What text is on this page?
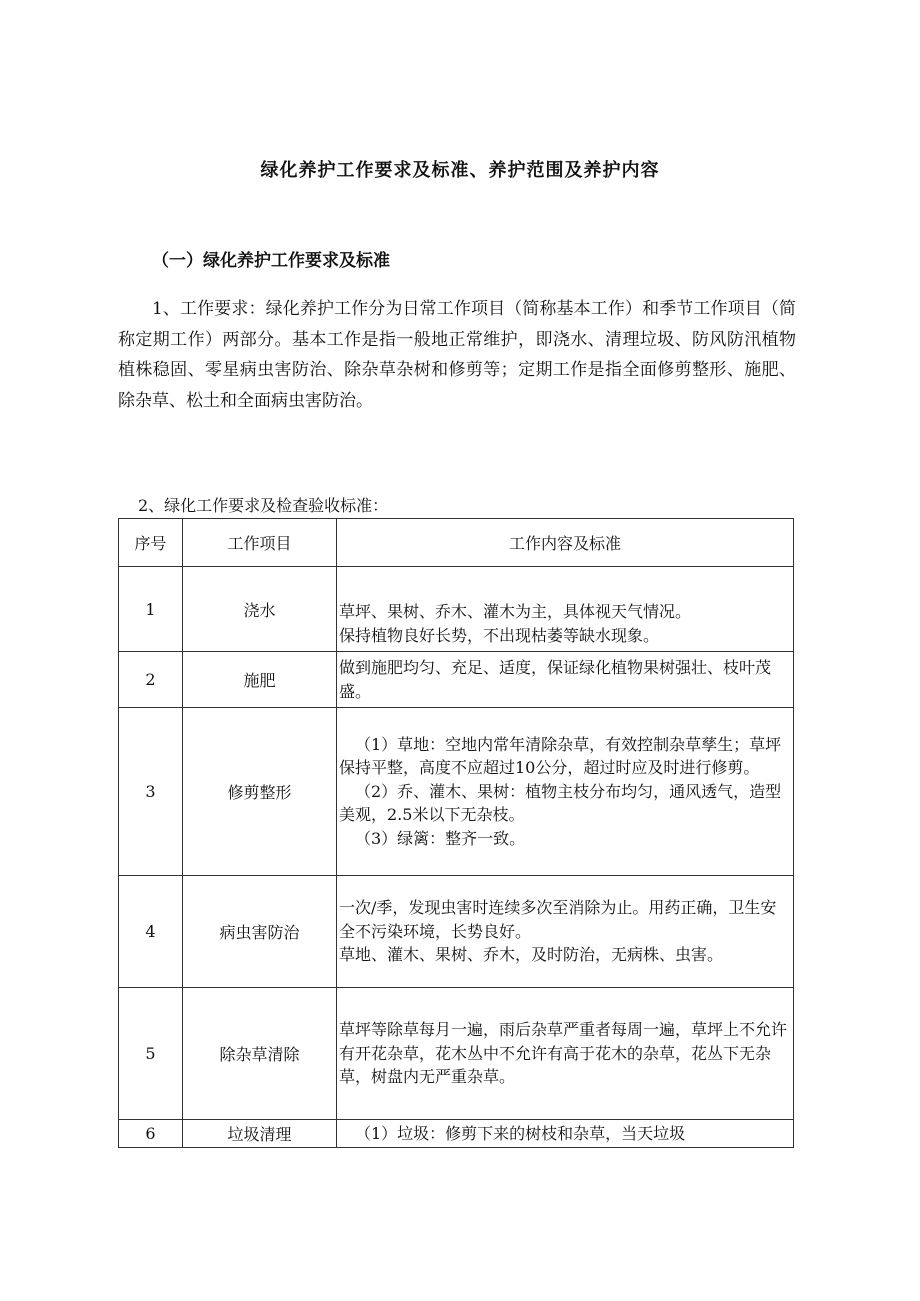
绿化养护工作要求及标准、养护范围及养护内容
（一）绿化养护工作要求及标准

1、工作要求：绿化养护工作分为日常工作项目（简称基本工作）和季节工作项目（简称定期工作）两部分。基本工作是指一般地正常维护，即浇水、清理垃圾、防风防汛植物植株稳固、零星病虫害防治、除杂草杂树和修剪等；定期工作是指全面修剪整形、施肥、除杂草、松土和全面病虫害防治。

2、绿化工作要求及检查验收标准：

序号	工作项目	工作内容及标准
1	浇水	草坪、果树、乔木、灌木为主，具体视天气情况。

保持植物良好长势，不出现枯萎等缺水现象。

2	施肥	做到施肥均匀、充足、适度，保证绿化植物果树强壮、枝叶茂盛。

3	修剪整形	（1）草地：空地内常年清除杂草，有效控制杂草孳生；草坪保持平整，高度不应超过10公分，超过时应及时进行修剪。

（2）乔、灌木、果树：植物主枝分布均匀，通风透气，造型美观，2.5米以下无杂枝。

（3）绿篱：整齐一致。

4	病虫害防治	一次/季，发现虫害时连续多次至消除为止。用药正确，卫生安全不污染环境，长势良好。

草地、灌木、果树、乔木，及时防治，无病株、虫害。

5	除杂草清除	草坪等除草每月一遍，雨后杂草严重者每周一遍，草坪上不允许有开花杂草，花木丛中不允许有高于花木的杂草，花丛下无杂草，树盘内无严重杂草。

6	垃圾清理	（1）垃圾：修剪下来的树枝和杂草，当天垃圾
